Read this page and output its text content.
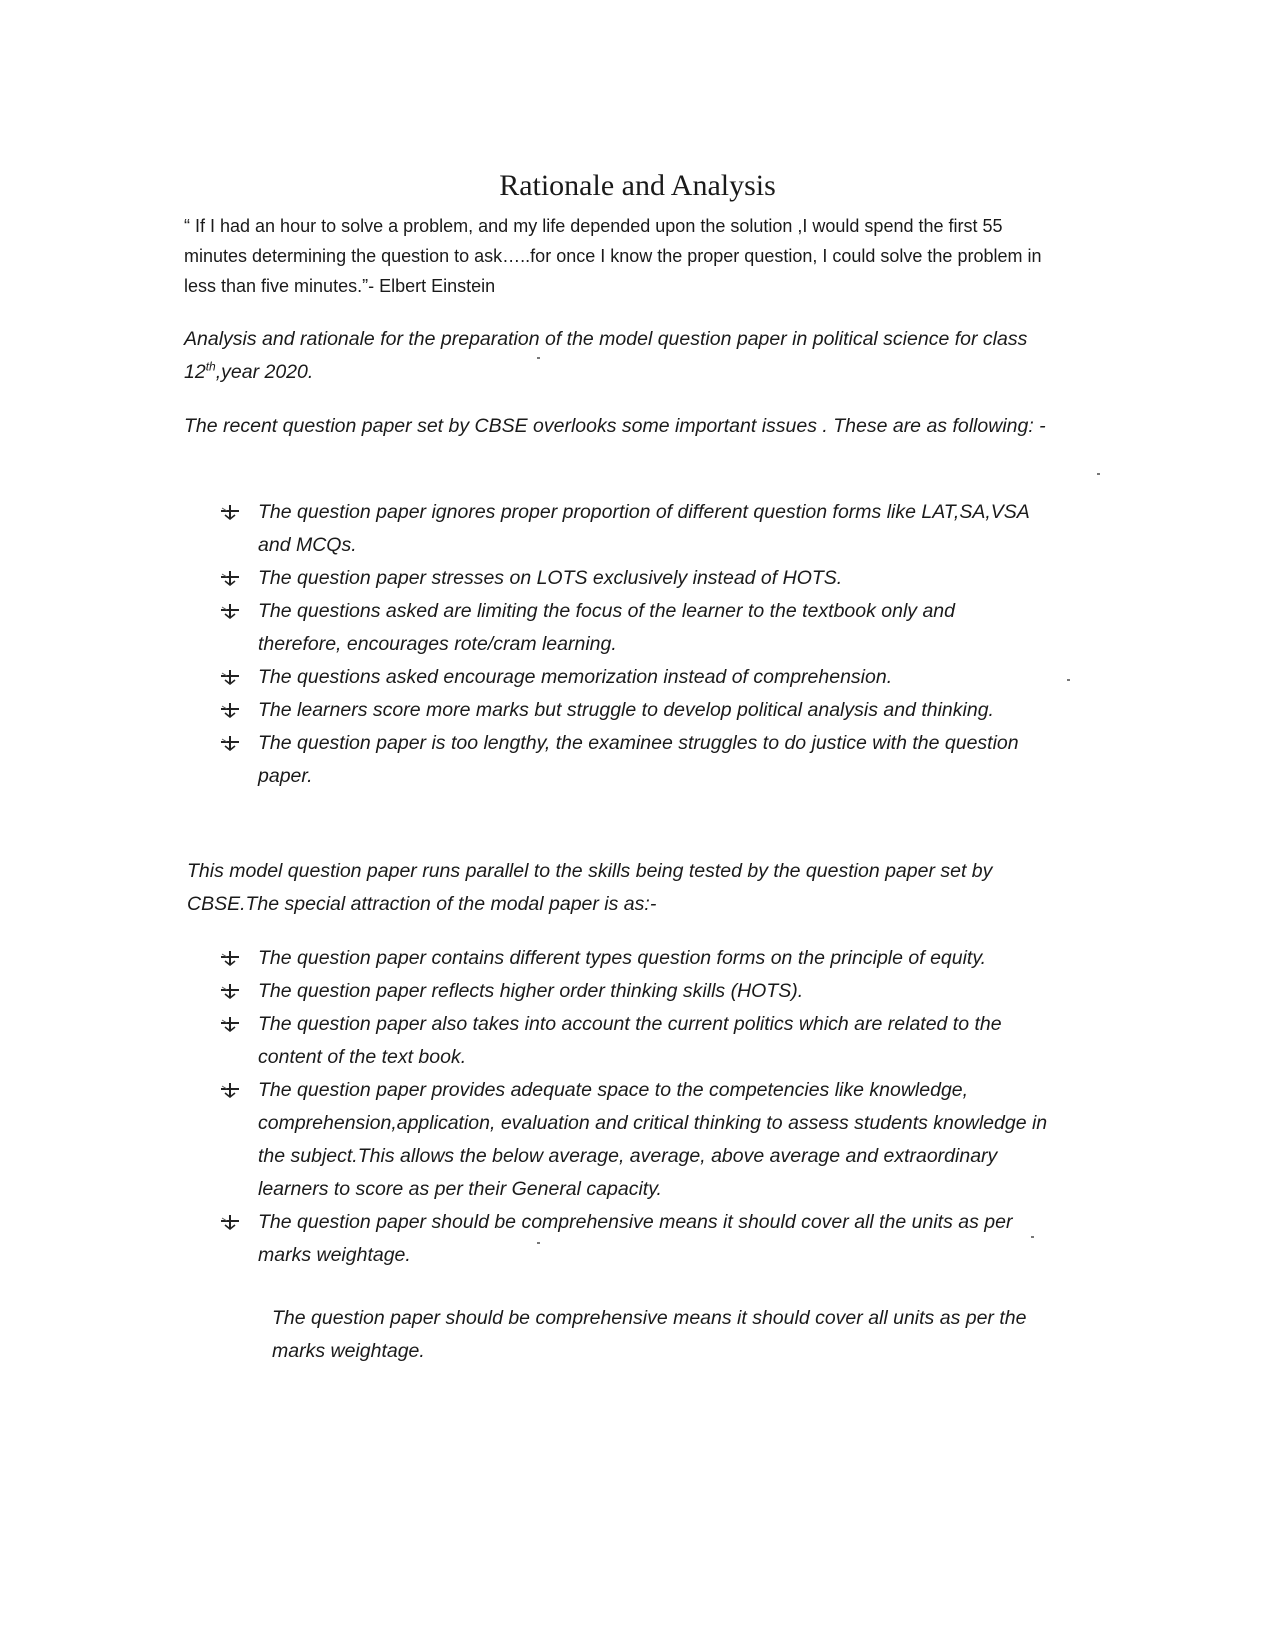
Rationale and Analysis
“ If I had an hour to solve a problem, and my life depended upon the solution ,I would spend the first 55 minutes determining the question to ask…..for once I know the proper question, I could solve the problem in less than five minutes.”- Elbert Einstein
Analysis and rationale for the preparation of the model question paper in political science for class 12th,year 2020.
The recent question paper set by CBSE overlooks some important issues . These are as following: -
The question paper ignores proper proportion of different question forms like LAT,SA,VSA and MCQs.
The question paper stresses on LOTS exclusively instead of HOTS.
The questions asked are limiting the focus of the learner to the textbook only and therefore, encourages rote/cram learning.
The questions asked encourage memorization instead of comprehension.
The learners score more marks but struggle to develop political analysis and thinking.
The question paper is too lengthy, the examinee struggles to do justice with the question paper.
This model question paper runs parallel to the skills being tested by the question paper set by CBSE.The special attraction of the modal paper is as:-
The question paper contains different types question forms on the principle of equity.
The question paper reflects higher order thinking skills (HOTS).
The question paper also takes into account the current politics which are related to the content of the text book.
The question paper provides adequate space to the competencies like knowledge, comprehension,application, evaluation and critical thinking to assess students knowledge in the subject.This allows the below average, average, above average and extraordinary learners to score as per their General capacity.
The question paper should be comprehensive means it should cover all the units as per marks weightage.
The question paper should be comprehensive means it should cover all units as per the marks weightage.
